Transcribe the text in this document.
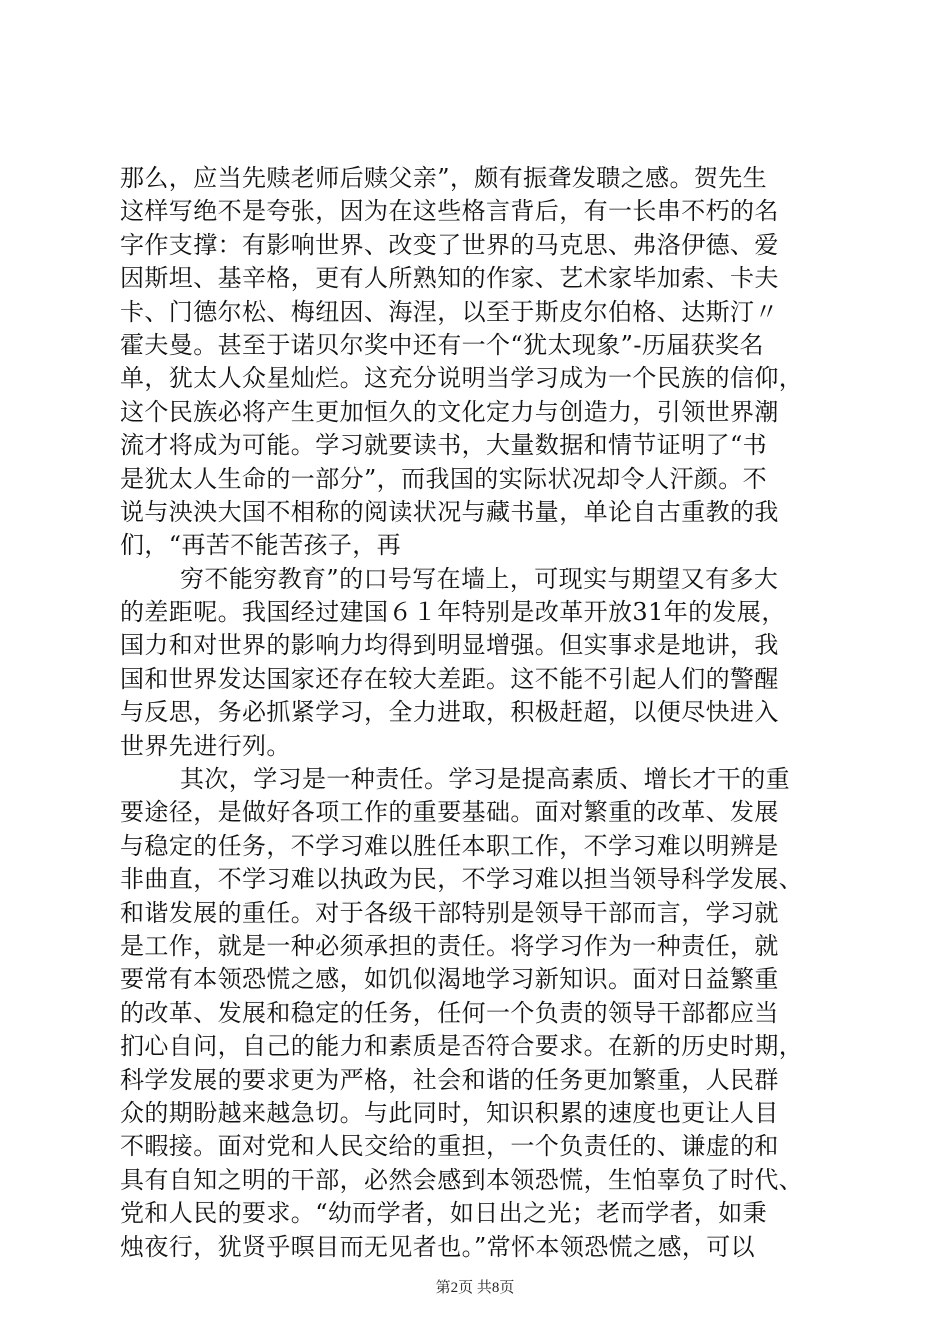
那么，应当先赎老师后赎父亲”，颇有振聋发聩之感。贺先生
这样写绝不是夸张，因为在这些格言背后，有一长串不朽的名
字作支撑：有影响世界、改变了世界的马克思、弗洛伊德、爱
因斯坦、基辛格，更有人所熟知的作家、艺术家毕加索、卡夫
卡、门德尔松、梅纽因、海涅，以至于斯皮尔伯格、达斯汀〃
霍夫曼。甚至于诺贝尔奖中还有一个“犹太现象”-历届获奖名
单，犹太人众星灿烂。这充分说明当学习成为一个民族的信仰，
这个民族必将产生更加恒久的文化定力与创造力，引领世界潮
流才将成为可能。学习就要读书，大量数据和情节证明了“书
是犹太人生命的一部分”，而我国的实际状况却令人汗颜。不
说与泱泱大国不相称的阅读状况与藏书量，单论自古重教的我
们，“再苦不能苦孩子，再
穷不能穷教育”的口号写在墙上，可现实与期望又有多大
的差距呢。我国经过建国６１年特别是改革开放31年的发展，
国力和对世界的影响力均得到明显增强。但实事求是地讲，我
国和世界发达国家还存在较大差距。这不能不引起人们的警醒
与反思，务必抓紧学习，全力进取，积极赶超，以便尽快进入
世界先进行列。
其次，学习是一种责任。学习是提高素质、增长才干的重
要途径，是做好各项工作的重要基础。面对繁重的改革、发展
与稳定的任务，不学习难以胜任本职工作，不学习难以明辨是
非曲直，不学习难以执政为民，不学习难以担当领导科学发展、
和谐发展的重任。对于各级干部特别是领导干部而言，学习就
是工作，就是一种必须承担的责任。将学习作为一种责任，就
要常有本领恐慌之感，如饥似渴地学习新知识。面对日益繁重
的改革、发展和稳定的任务，任何一个负责的领导干部都应当
扪心自问，自己的能力和素质是否符合要求。在新的历史时期，
科学发展的要求更为严格，社会和谐的任务更加繁重，人民群
众的期盼越来越急切。与此同时，知识积累的速度也更让人目
不暇接。面对党和人民交给的重担，一个负责任的、谦虚的和
具有自知之明的干部，必然会感到本领恐慌，生怕辜负了时代、
党和人民的要求。“幼而学者，如日出之光；老而学者，如秉
烛夜行，犹贤乎暝目而无见者也。”常怀本领恐慌之感，可以
第2页 共8页
